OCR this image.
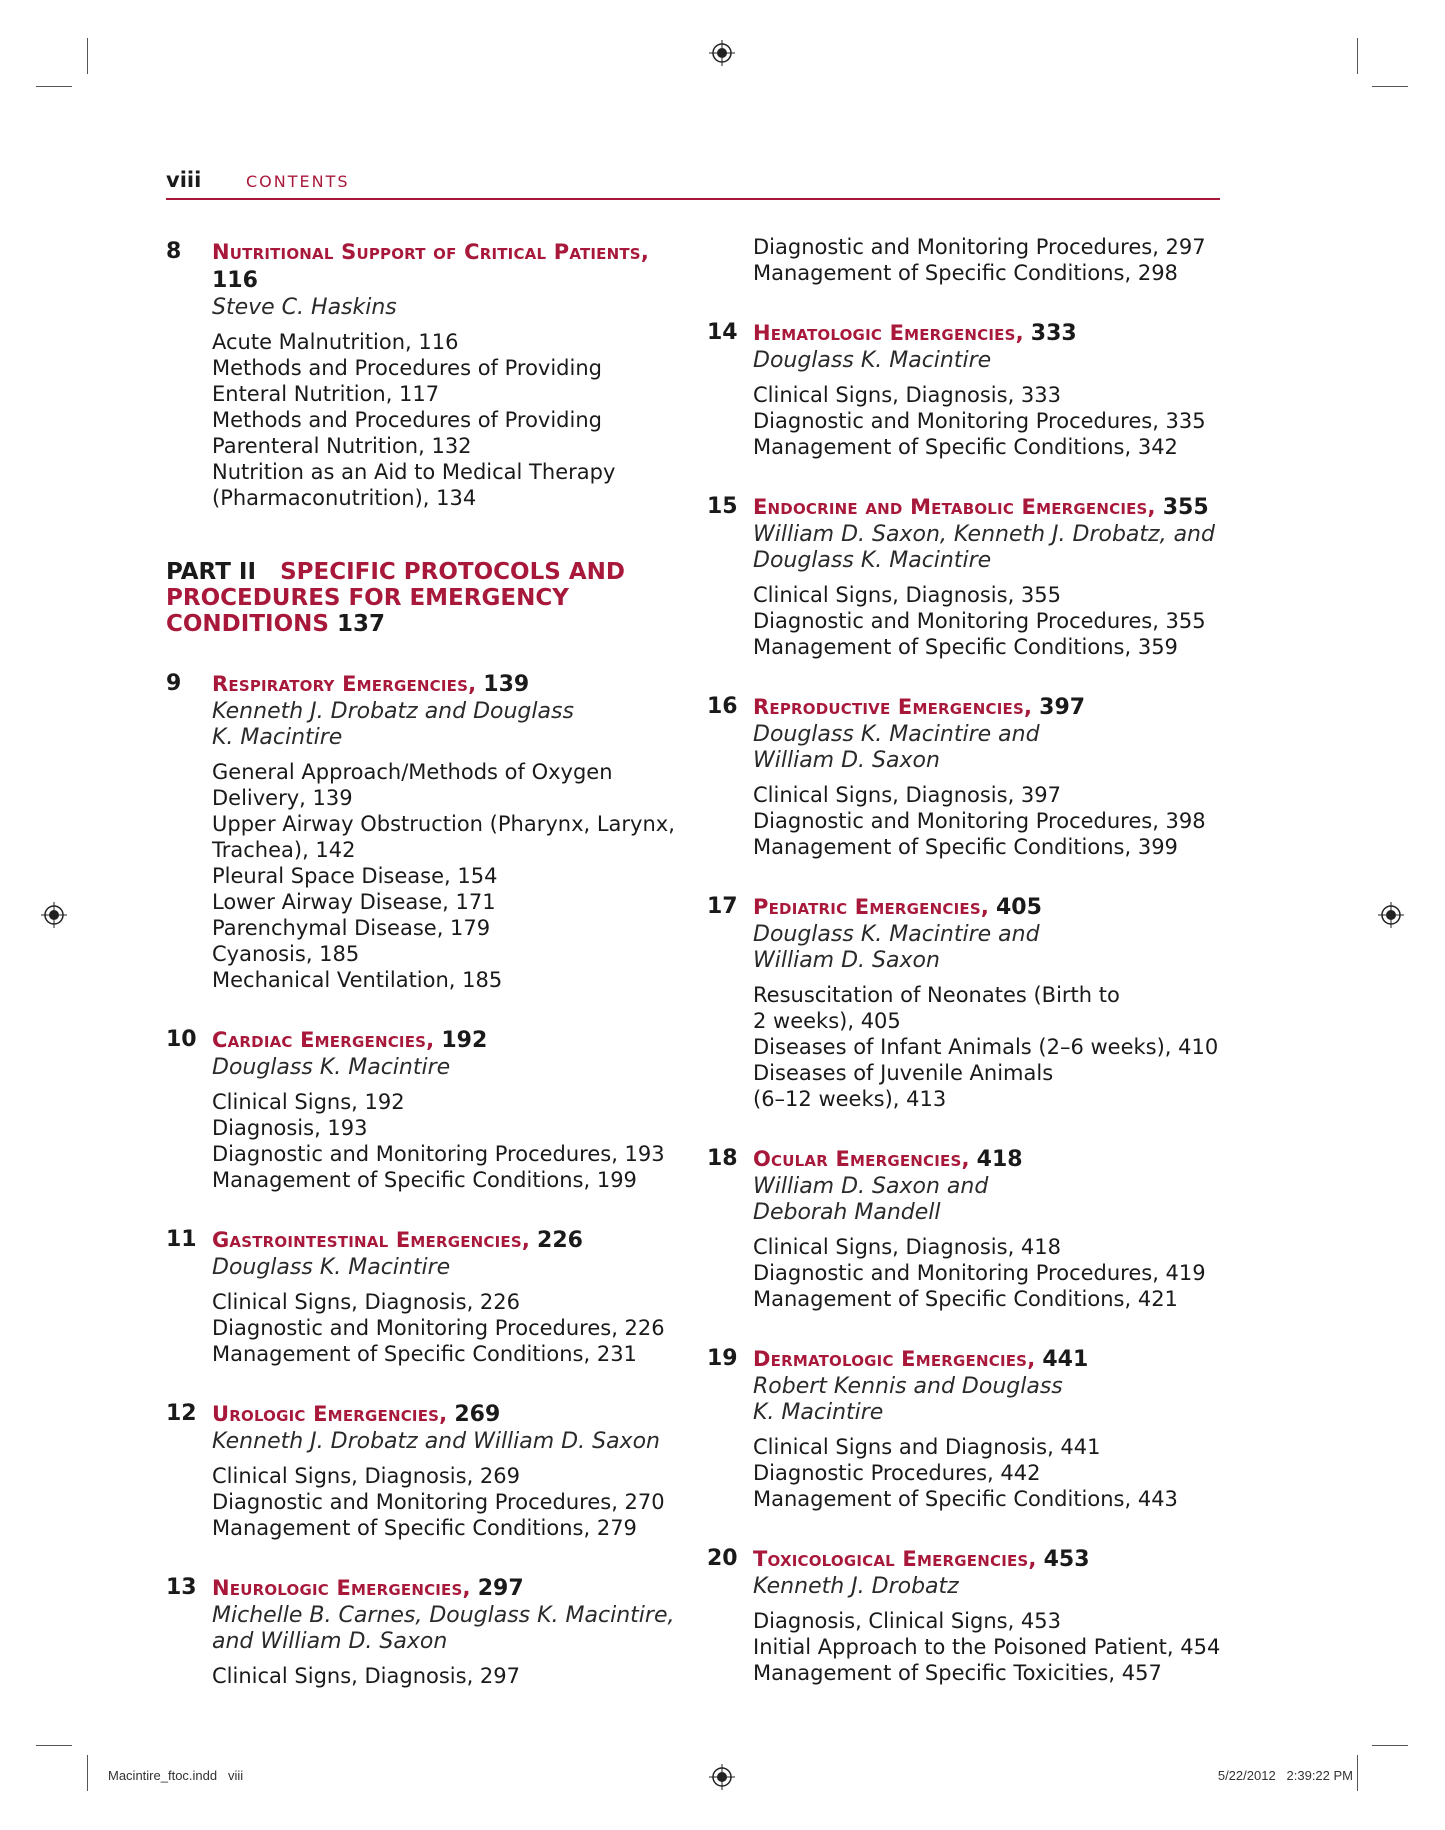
viii	CONTENTS
8 Nutritional Support of Critical Patients, 116
Steve C. Haskins
Acute Malnutrition, 116
Methods and Procedures of Providing
Enteral Nutrition, 117
Methods and Procedures of Providing
Parenteral Nutrition, 132
Nutrition as an Aid to Medical Therapy
(Pharmaconutrition), 134
PART II SPECIFIC PROTOCOLS AND
PROCEDURES FOR EMERGENCY
CONDITIONS 137
9 Respiratory Emergencies, 139
Kenneth J. Drobatz and Douglass
K. Macintire
General Approach/Methods of Oxygen
Delivery, 139
Upper Airway Obstruction (Pharynx, Larynx,
Trachea), 142
Pleural Space Disease, 154
Lower Airway Disease, 171
Parenchymal Disease, 179
Cyanosis, 185
Mechanical Ventilation, 185
10 Cardiac Emergencies, 192
Douglass K. Macintire
Clinical Signs, 192
Diagnosis, 193
Diagnostic and Monitoring Procedures, 193
Management of Specific Conditions, 199
11 Gastrointestinal Emergencies, 226
Douglass K. Macintire
Clinical Signs, Diagnosis, 226
Diagnostic and Monitoring Procedures, 226
Management of Specific Conditions, 231
12 Urologic Emergencies, 269
Kenneth J. Drobatz and William D. Saxon
Clinical Signs, Diagnosis, 269
Diagnostic and Monitoring Procedures, 270
Management of Specific Conditions, 279
13 Neurologic Emergencies, 297
Michelle B. Carnes, Douglass K. Macintire,
and William D. Saxon
Clinical Signs, Diagnosis, 297
Diagnostic and Monitoring Procedures, 297
Management of Specific Conditions, 298
14 Hematologic Emergencies, 333
Douglass K. Macintire
Clinical Signs, Diagnosis, 333
Diagnostic and Monitoring Procedures, 335
Management of Specific Conditions, 342
15 Endocrine and Metabolic Emergencies, 355
William D. Saxon, Kenneth J. Drobatz, and
Douglass K. Macintire
Clinical Signs, Diagnosis, 355
Diagnostic and Monitoring Procedures, 355
Management of Specific Conditions, 359
16 Reproductive Emergencies, 397
Douglass K. Macintire and
William D. Saxon
Clinical Signs, Diagnosis, 397
Diagnostic and Monitoring Procedures, 398
Management of Specific Conditions, 399
17 Pediatric Emergencies, 405
Douglass K. Macintire and
William D. Saxon
Resuscitation of Neonates (Birth to
2 weeks), 405
Diseases of Infant Animals (2–6 weeks), 410
Diseases of Juvenile Animals
(6–12 weeks), 413
18 Ocular Emergencies, 418
William D. Saxon and
Deborah Mandell
Clinical Signs, Diagnosis, 418
Diagnostic and Monitoring Procedures, 419
Management of Specific Conditions, 421
19 Dermatologic Emergencies, 441
Robert Kennis and Douglass
K. Macintire
Clinical Signs and Diagnosis, 441
Diagnostic Procedures, 442
Management of Specific Conditions, 443
20 Toxicological Emergencies, 453
Kenneth J. Drobatz
Diagnosis, Clinical Signs, 453
Initial Approach to the Poisoned Patient, 454
Management of Specific Toxicities, 457
Macintire_ftoc.indd   viii	5/22/2012   2:39:22 PM
